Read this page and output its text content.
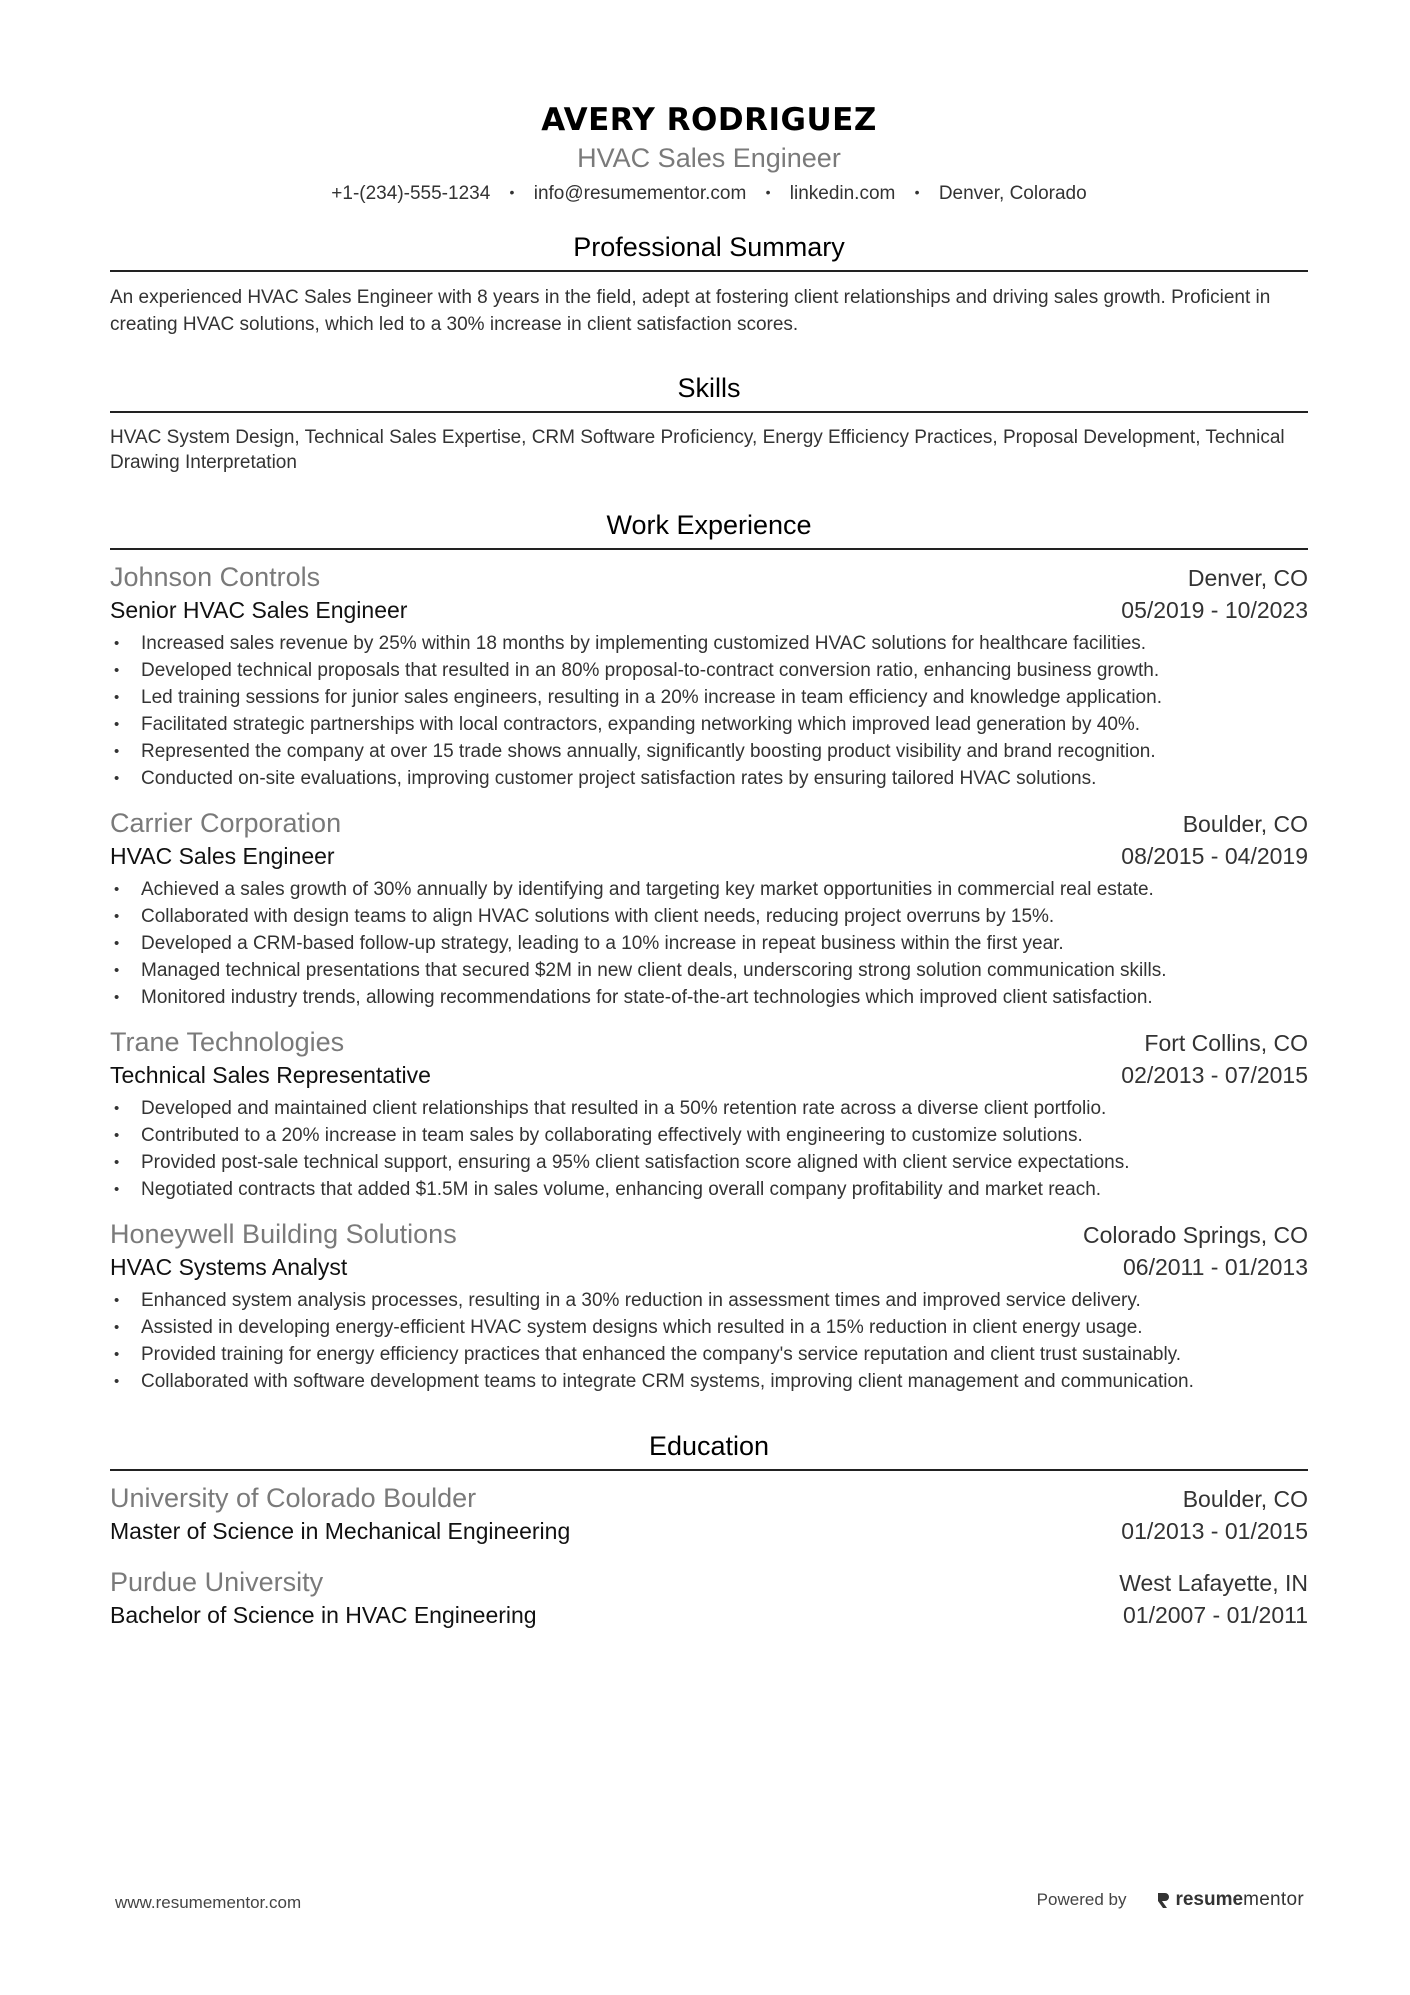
AVERY RODRIGUEZ
HVAC Sales Engineer
+1-(234)-555-1234 • info@resumementor.com • linkedin.com • Denver, Colorado
Professional Summary
An experienced HVAC Sales Engineer with 8 years in the field, adept at fostering client relationships and driving sales growth. Proficient in creating HVAC solutions, which led to a 30% increase in client satisfaction scores.
Skills
HVAC System Design, Technical Sales Expertise, CRM Software Proficiency, Energy Efficiency Practices, Proposal Development, Technical Drawing Interpretation
Work Experience
Johnson Controls	Denver, CO
Senior HVAC Sales Engineer	05/2019 - 10/2023
• Increased sales revenue by 25% within 18 months by implementing customized HVAC solutions for healthcare facilities.
• Developed technical proposals that resulted in an 80% proposal-to-contract conversion ratio, enhancing business growth.
• Led training sessions for junior sales engineers, resulting in a 20% increase in team efficiency and knowledge application.
• Facilitated strategic partnerships with local contractors, expanding networking which improved lead generation by 40%.
• Represented the company at over 15 trade shows annually, significantly boosting product visibility and brand recognition.
• Conducted on-site evaluations, improving customer project satisfaction rates by ensuring tailored HVAC solutions.
Carrier Corporation	Boulder, CO
HVAC Sales Engineer	08/2015 - 04/2019
• Achieved a sales growth of 30% annually by identifying and targeting key market opportunities in commercial real estate.
• Collaborated with design teams to align HVAC solutions with client needs, reducing project overruns by 15%.
• Developed a CRM-based follow-up strategy, leading to a 10% increase in repeat business within the first year.
• Managed technical presentations that secured $2M in new client deals, underscoring strong solution communication skills.
• Monitored industry trends, allowing recommendations for state-of-the-art technologies which improved client satisfaction.
Trane Technologies	Fort Collins, CO
Technical Sales Representative	02/2013 - 07/2015
• Developed and maintained client relationships that resulted in a 50% retention rate across a diverse client portfolio.
• Contributed to a 20% increase in team sales by collaborating effectively with engineering to customize solutions.
• Provided post-sale technical support, ensuring a 95% client satisfaction score aligned with client service expectations.
• Negotiated contracts that added $1.5M in sales volume, enhancing overall company profitability and market reach.
Honeywell Building Solutions	Colorado Springs, CO
HVAC Systems Analyst	06/2011 - 01/2013
• Enhanced system analysis processes, resulting in a 30% reduction in assessment times and improved service delivery.
• Assisted in developing energy-efficient HVAC system designs which resulted in a 15% reduction in client energy usage.
• Provided training for energy efficiency practices that enhanced the company's service reputation and client trust sustainably.
• Collaborated with software development teams to integrate CRM systems, improving client management and communication.
Education
University of Colorado Boulder	Boulder, CO
Master of Science in Mechanical Engineering	01/2013 - 01/2015
Purdue University	West Lafayette, IN
Bachelor of Science in HVAC Engineering	01/2007 - 01/2011
www.resumementor.com	Powered by	resume mentor
